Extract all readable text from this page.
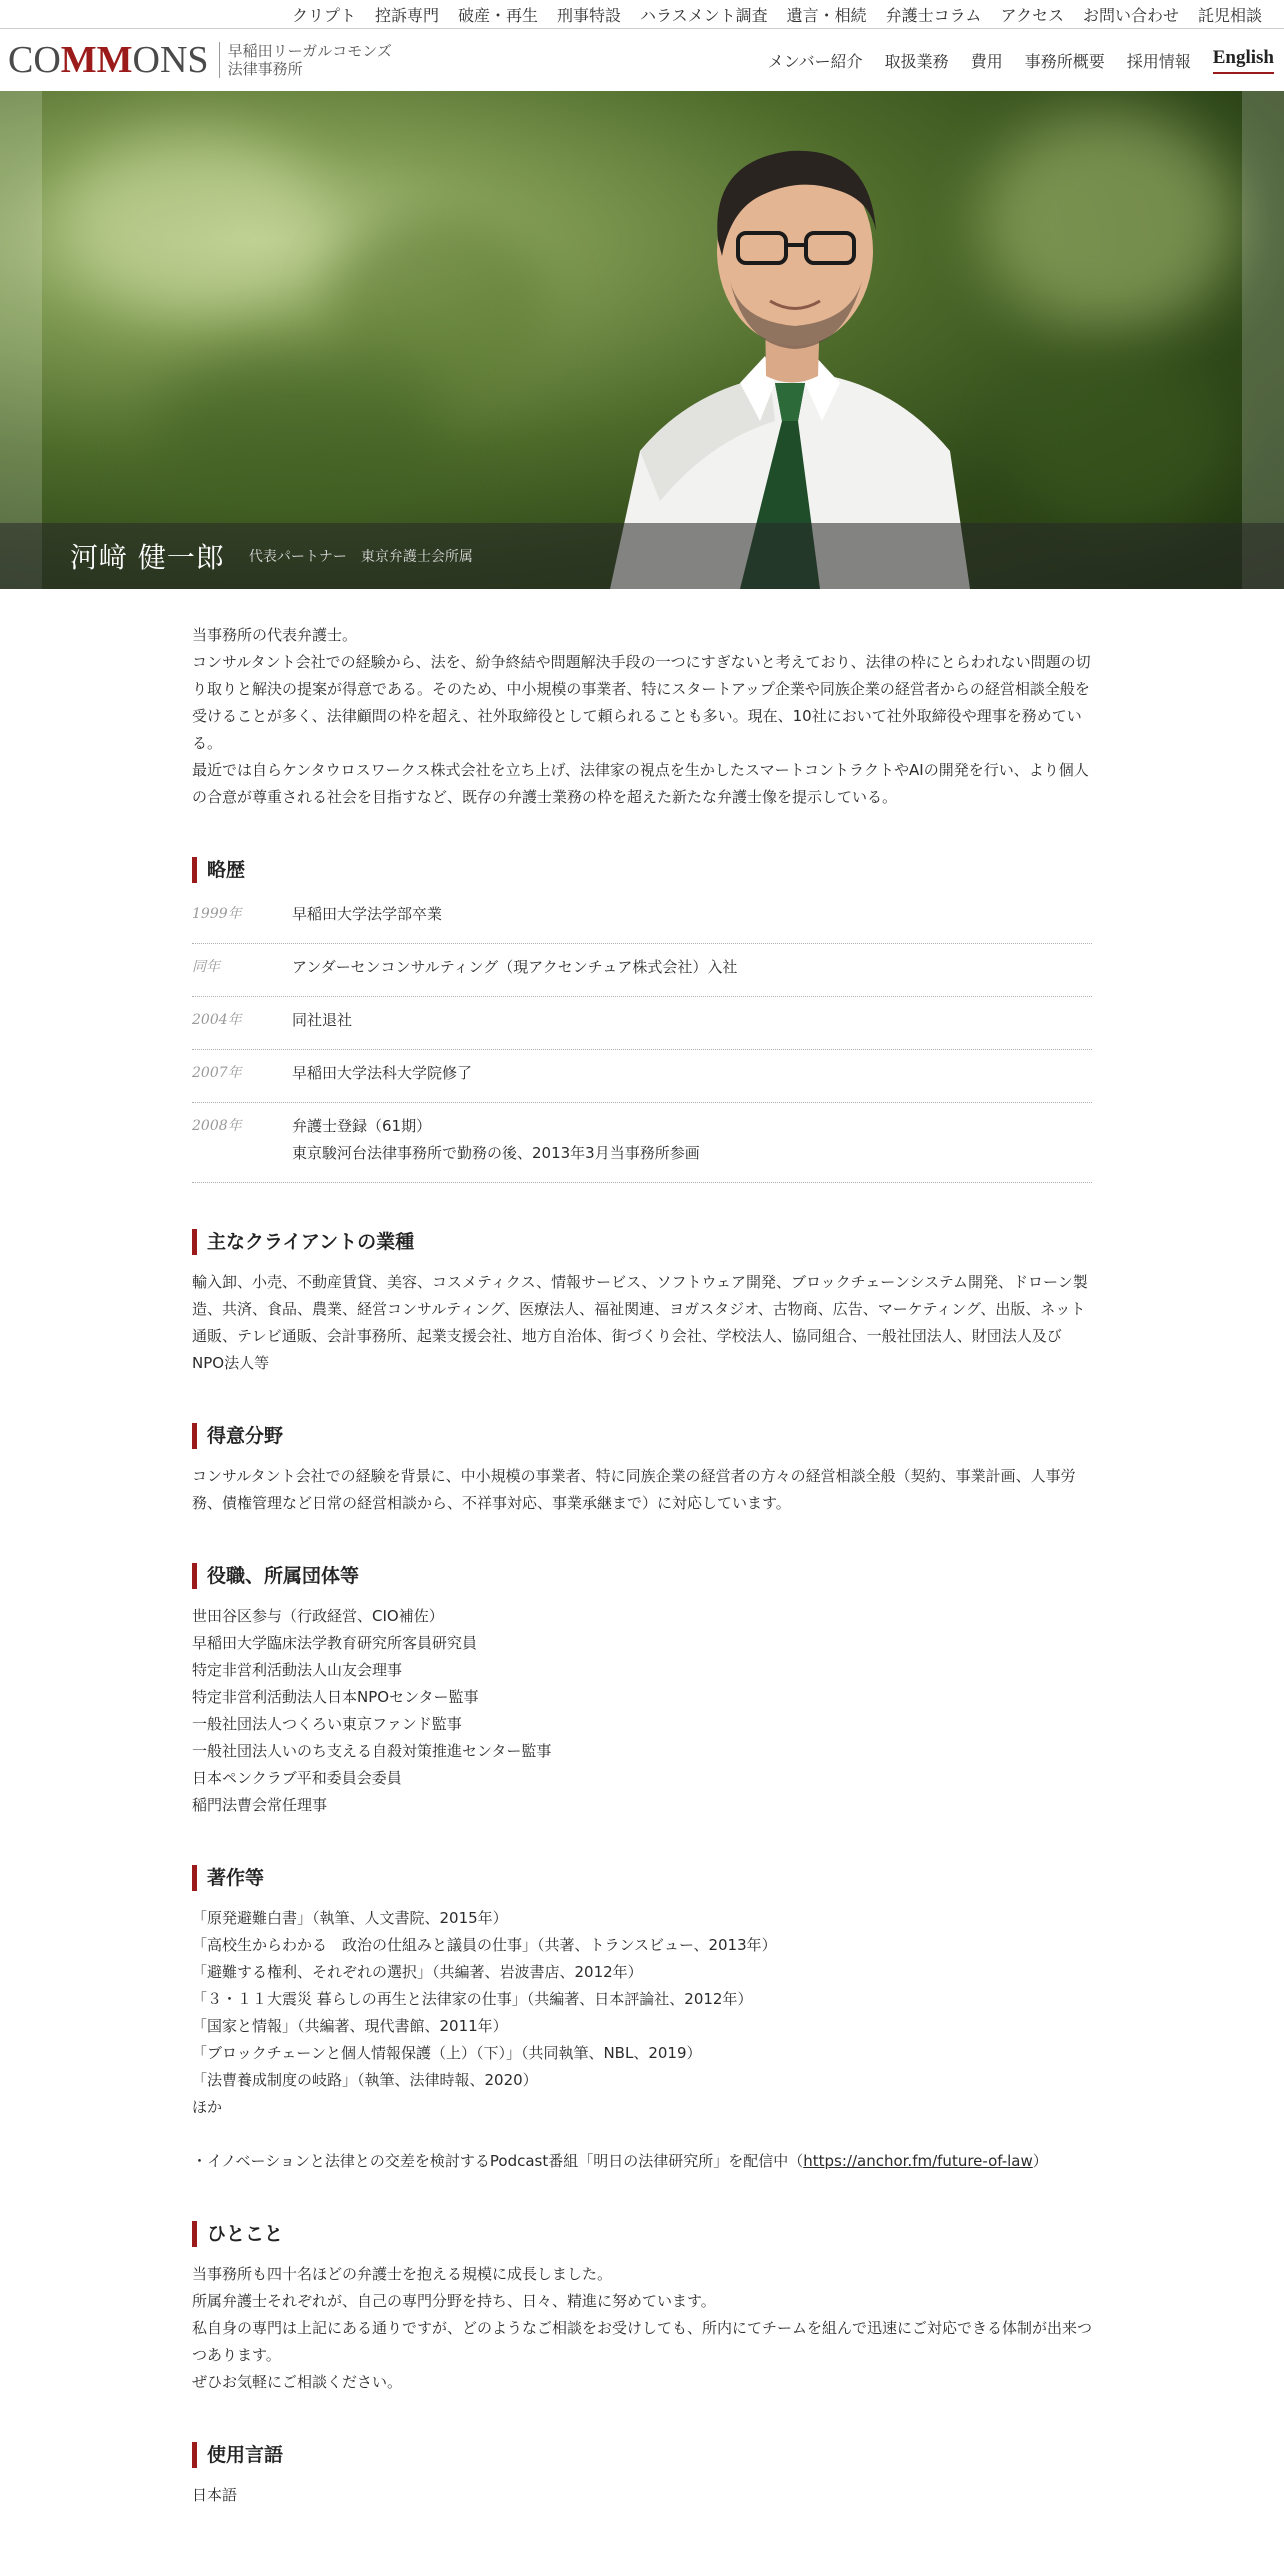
クリプト 控訴専門 破産・再生 刑事特設 ハラスメント調査 遺言・相続 弁護士コラム アクセス お問い合わせ 託児相談
CO MM ONS 早稲田リーガルコモンズ
法律事務所	メンバー紹介 取扱業務 費用 事務所概要 採用情報 English
河﨑 健一郎 代表パートナー　東京弁護士会所属

当事務所の代表弁護士。

コンサルタント会社での経験から、法を、紛争終結や問題解決手段の一つにすぎないと考えており、法律の枠にとらわれない問題の切り取りと解決の提案が得意である。そのため、中小規模の事業者、特にスタートアップ企業や同族企業の経営者からの経営相談全般を受けることが多く、法律顧問の枠を超え、社外取締役として頼られることも多い。現在、10社において社外取締役や理事を務めている。

最近では自らケンタウロスワークス株式会社を立ち上げ、法律家の視点を生かしたスマートコントラクトやAIの開発を行い、より個人の合意が尊重される社会を目指すなど、既存の弁護士業務の枠を超えた新たな弁護士像を提示している。

略歴
1999年	早稲田大学法学部卒業
同年	アンダーセンコンサルティング（現アクセンチュア株式会社）入社
2004年	同社退社
2007年	早稲田大学法科大学院修了
2008年	弁護士登録（61期）
東京駿河台法律事務所で勤務の後、2013年3月当事務所参画
主なクライアントの業種

輸入卸、小売、不動産賃貸、美容、コスメティクス、情報サービス、ソフトウェア開発、ブロックチェーンシステム開発、ドローン製造、共済、食品、農業、経営コンサルティング、医療法人、福祉関連、ヨガスタジオ、古物商、広告、マーケティング、出版、ネット通販、テレビ通販、会計事務所、起業支援会社、地方自治体、街づくり会社、学校法人、協同組合、一般社団法人、財団法人及びNPO法人等

得意分野

コンサルタント会社での経験を背景に、中小規模の事業者、特に同族企業の経営者の方々の経営相談全般（契約、事業計画、人事労務、債権管理など日常の経営相談から、不祥事対応、事業承継まで）に対応しています。

役職、所属団体等
世田谷区参与（行政経営、CIO補佐）
早稲田大学臨床法学教育研究所客員研究員
特定非営利活動法人山友会理事
特定非営利活動法人日本NPOセンター監事
一般社団法人つくろい東京ファンド監事
一般社団法人いのち支える自殺対策推進センター監事
日本ペンクラブ平和委員会委員
稲門法曹会常任理事
著作等
「原発避難白書」（執筆、人文書院、2015年）
「高校生からわかる　政治の仕組みと議員の仕事」（共著、トランスビュー、2013年）
「避難する権利、それぞれの選択」（共編著、岩波書店、2012年）
「３・１１大震災 暮らしの再生と法律家の仕事」（共編著、日本評論社、2012年）
「国家と情報」（共編著、現代書館、2011年）
「ブロックチェーンと個人情報保護（上）（下）」（共同執筆、NBL、2019）
「法曹養成制度の岐路」（執筆、法律時報、2020）
ほか

・イノベーションと法律との交差を検討するPodcast番組「明日の法律研究所」を配信中（https://anchor.fm/future-of-law）

ひとこと
当事務所も四十名ほどの弁護士を抱える規模に成長しました。
所属弁護士それぞれが、自己の専門分野を持ち、日々、精進に努めています。
私自身の専門は上記にある通りですが、どのようなご相談をお受けしても、所内にてチームを組んで迅速にご対応できる体制が出来つつあります。
ぜひお気軽にご相談ください。
使用言語

日本語
